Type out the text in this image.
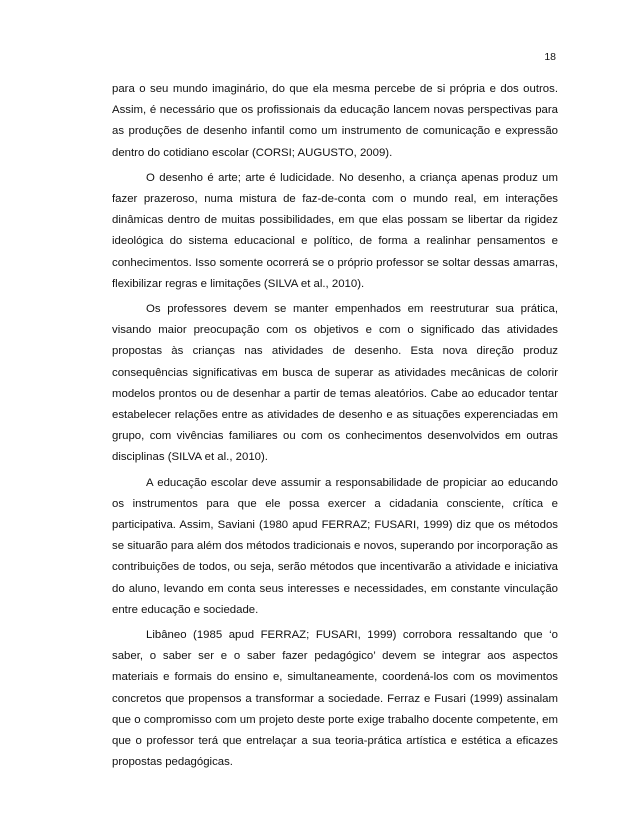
18

para o seu mundo imaginário, do que ela mesma percebe de si própria e dos outros. Assim, é necessário que os profissionais da educação lancem novas perspectivas para as produções de desenho infantil como um instrumento de comunicação e expressão dentro do cotidiano escolar (CORSI; AUGUSTO, 2009).

O desenho é arte; arte é ludicidade. No desenho, a criança apenas produz um fazer prazeroso, numa mistura de faz-de-conta com o mundo real, em interações dinâmicas dentro de muitas possibilidades, em que elas possam se libertar da rigidez ideológica do sistema educacional e político, de forma a realinhar pensamentos e conhecimentos. Isso somente ocorrerá se o próprio professor se soltar dessas amarras, flexibilizar regras e limitações (SILVA et al., 2010).

Os professores devem se manter empenhados em reestruturar sua prática, visando maior preocupação com os objetivos e com o significado das atividades propostas às crianças nas atividades de desenho. Esta nova direção produz consequências significativas em busca de superar as atividades mecânicas de colorir modelos prontos ou de desenhar a partir de temas aleatórios. Cabe ao educador tentar estabelecer relações entre as atividades de desenho e as situações experenciadas em grupo, com vivências familiares ou com os conhecimentos desenvolvidos em outras disciplinas (SILVA et al., 2010).

A educação escolar deve assumir a responsabilidade de propiciar ao educando os instrumentos para que ele possa exercer a cidadania consciente, crítica e participativa. Assim, Saviani (1980 apud FERRAZ; FUSARI, 1999) diz que os métodos se situarão para além dos métodos tradicionais e novos, superando por incorporação as contribuições de todos, ou seja, serão métodos que incentivarão a atividade e iniciativa do aluno, levando em conta seus interesses e necessidades, em constante vinculação entre educação e sociedade.

Libâneo (1985 apud FERRAZ; FUSARI, 1999) corrobora ressaltando que ‘o saber, o saber ser e o saber fazer pedagógico’ devem se integrar aos aspectos materiais e formais do ensino e, simultaneamente, coordená-los com os movimentos concretos que propensos a transformar a sociedade. Ferraz e Fusari (1999) assinalam que o compromisso com um projeto deste porte exige trabalho docente competente, em que o professor terá que entrelaçar a sua teoria-prática artística e estética a eficazes propostas pedagógicas.
